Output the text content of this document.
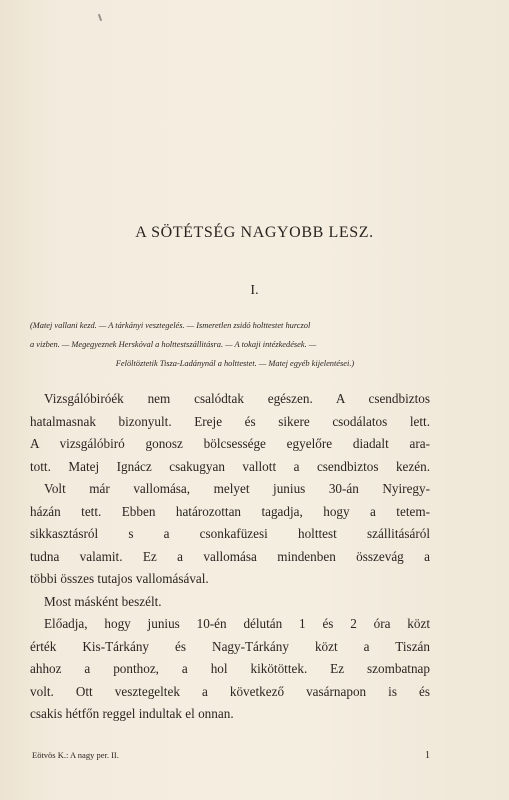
A SÖTÉTSÉG NAGYOBB LESZ.
I.
(Matej vallani kezd. — A tárkányi vesztegelés. — Ismeretlen zsidó holttestet hurczol
a vizben. — Megegyeznek Herskóval a holttestszállitásra. — A tokaji intézkedések. —
Felöltöztetik Tisza-Ladánynál a holttestet. — Matej egyéb kijelentései.)
Vizsgálóbiróék nem csalódtak egészen. A csendbiztos
hatalmasnak bizonyult. Ereje és sikere csodálatos lett.
A vizsgálóbiró gonosz bölcsessége egyelőre diadalt ara-
tott. Matej Ignácz csakugyan vallott a csendbiztos kezén.
Volt már vallomása, melyet junius 30-án Nyiregy-
házán tett. Ebben határozottan tagadja, hogy a tetem-
sikkasztásról s a csonkafüzesi holttest szállitásáról
tudna valamit. Ez a vallomása mindenben összevág a
többi összes tutajos vallomásával.
Most másként beszélt.
Előadja, hogy junius 10-én délután 1 és 2 óra közt
érték Kis-Tárkány és Nagy-Tárkány közt a Tiszán
ahhoz a ponthoz, a hol kikötöttek. Ez szombatnap
volt. Ott vesztegeltek a következő vasárnapon is és
csakis hétfőn reggel indultak el onnan.
Eötvös K.: A nagy per. II.	1
